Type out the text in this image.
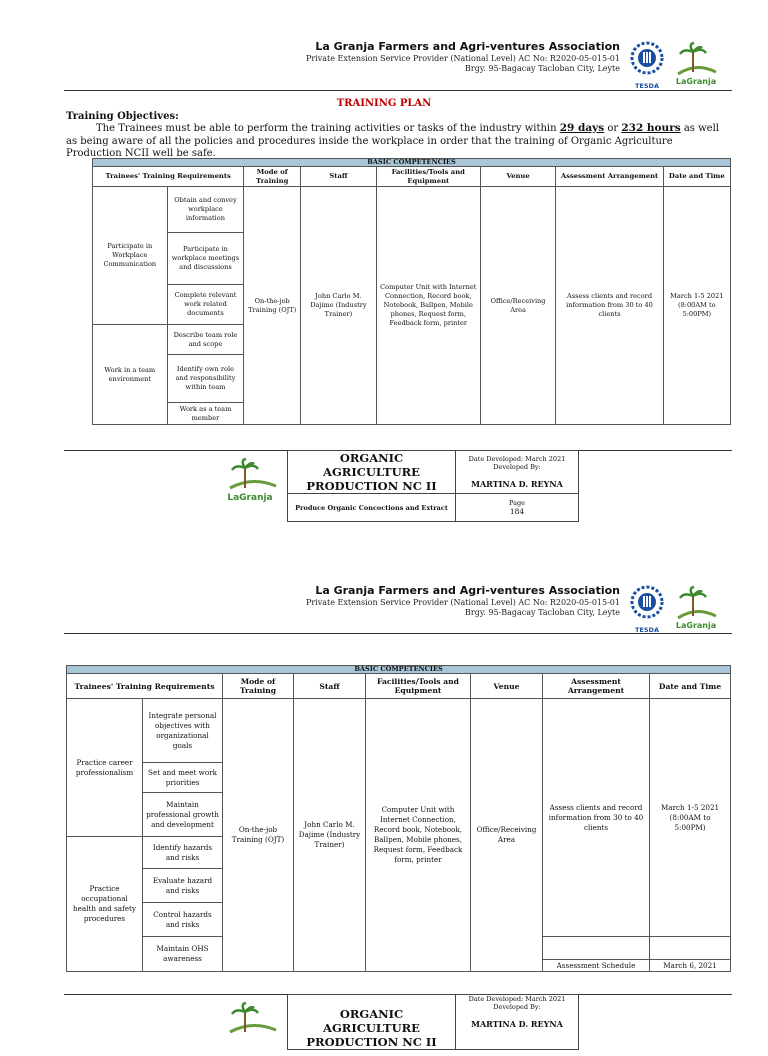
La Granja Farmers and Agri-ventures Association
Private Extension Service Provider (National Level) AC No: R2020-05-015-01
Brgy. 95-Bagacay Tacloban City, Leyte
TESDA	LaGranja
TRAINING PLAN
Training Objectives:
The Trainees must be able to perform the training activities or tasks of the industry within 29 days or 232 hours as well as being aware of all the policies and procedures inside the workplace in order that the training of Organic Agriculture Production NCII well be safe.
BASIC COMPETENCIES							
Trainees' Training Requirements		Mode of Training	Staff	Facilities/Tools and Equipment	Venue	Assessment Arrangement	Date and Time
Participate in Workplace Communication	Obtain and convey workplace information	On-the-job Training (OJT)	John Carlo M. Dajime (Industry Trainer)	Computer Unit with Internet Connection, Record book, Notebook, Ballpen, Mobile phones, Request form, Feedback form, printer	Office/Receiving Area	Assess clients and record information from 30 to 40 clients	March 1-5 2021 (8:00AM to 5:00PM)
	Participate in workplace meetings and discussions						
	Complete relevant work related documents						
Work in a team environment	Describe team role and scope						
	Identify own role and responsibility within team						
	Work as a team member						
LaGranja
ORGANIC AGRICULTURE PRODUCTION NC II	Date Developed: March 2021
Developed By:
MARTINA D. REYNA

Produce Organic Concoctions and Extract	Page
184
La Granja Farmers and Agri-ventures Association
Private Extension Service Provider (National Level) AC No: R2020-05-015-01
Brgy. 95-Bagacay Tacloban City, Leyte
TESDA	LaGranja
BASIC COMPETENCIES							
Trainees' Training Requirements		Mode of Training	Staff	Facilities/Tools and Equipment	Venue	Assessment Arrangement	Date and Time
Practice career professionalism	Integrate personal objectives with organizational goals	On-the-job Training (OJT)	John Carlo M. Dajime (Industry Trainer)	Computer Unit with Internet Connection, Record book, Notebook, Ballpen, Mobile phones, Request form, Feedback form, printer	Office/Receiving Area	Assess clients and record information from 30 to 40 clients	March 1-5 2021 (8:00AM to 5:00PM)
	Set and meet work priorities						
	Maintain professional growth and development						
Practice occupational health and safety procedures	Identify hazards and risks						
	Evaluate hazard and risks						
	Control hazards and risks						
	Maintain OHS awareness					Assessment Schedule	March 6, 2021
ORGANIC AGRICULTURE PRODUCTION NC II	
Date Developed: March 2021
Developed By:
MARTINA D. REYNA
